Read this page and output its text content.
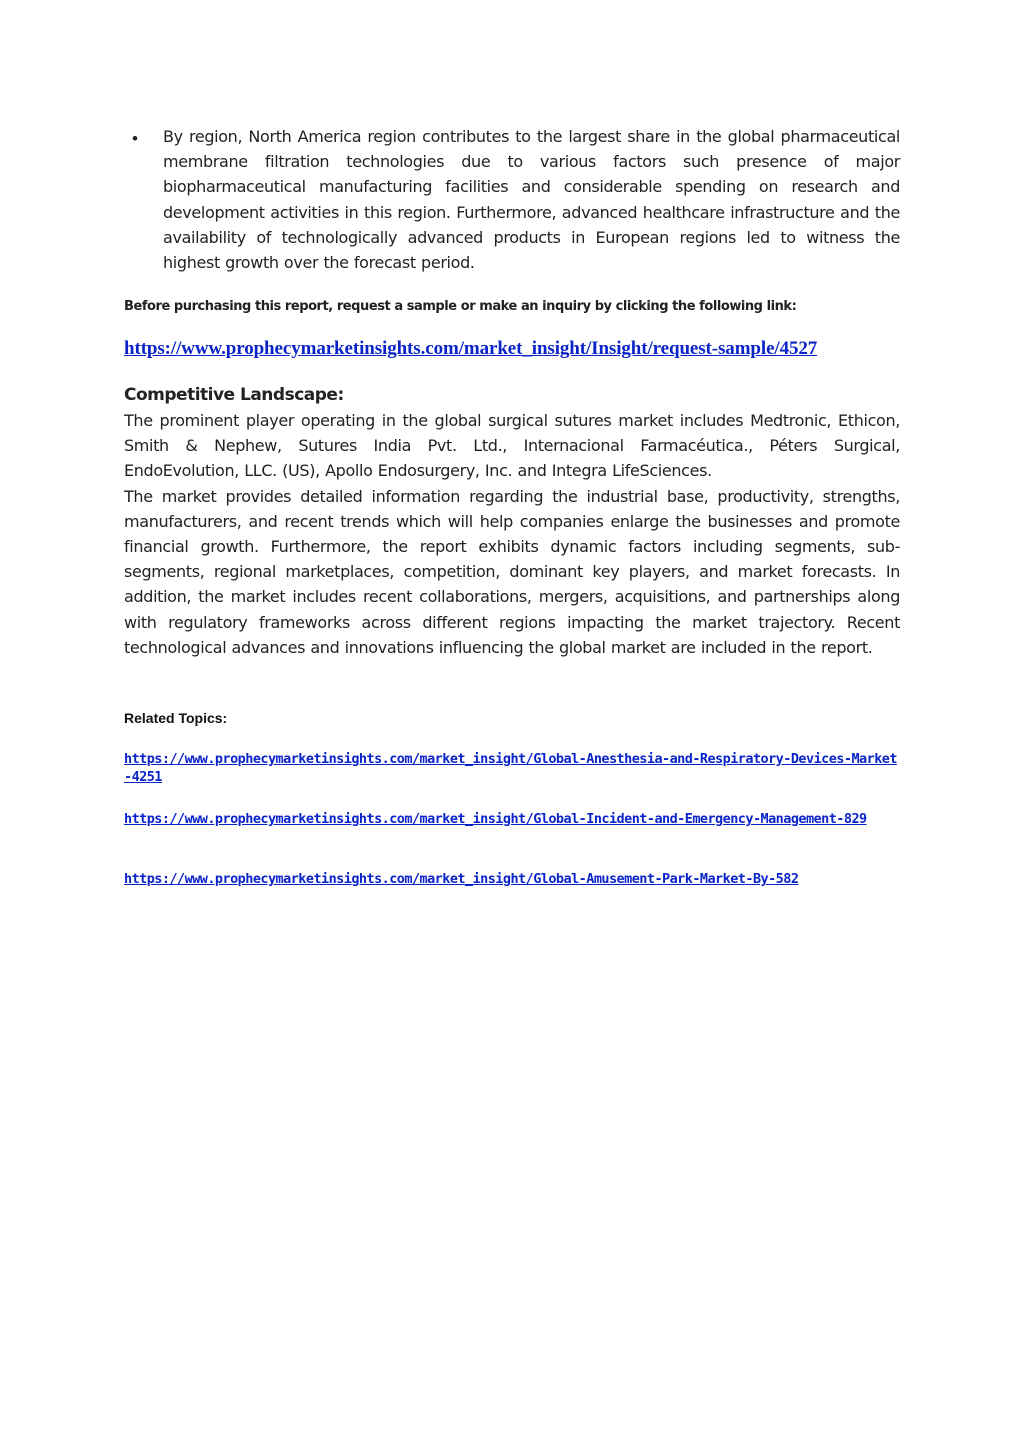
• By region, North America region contributes to the largest share in the global pharmaceutical membrane filtration technologies due to various factors such presence of major biopharmaceutical manufacturing facilities and considerable spending on research and development activities in this region. Furthermore, advanced healthcare infrastructure and the availability of technologically advanced products in European regions led to witness the highest growth over the forecast period.
Before purchasing this report, request a sample or make an inquiry by clicking the following link:
https://www.prophecymarketinsights.com/market_insight/Insight/request-sample/4527
Competitive Landscape:

The prominent player operating in the global surgical sutures market includes Medtronic, Ethicon, Smith & Nephew, Sutures India Pvt. Ltd., Internacional Farmacéutica., Péters Surgical, EndoEvolution, LLC. (US), Apollo Endosurgery, Inc. and Integra LifeSciences.

The market provides detailed information regarding the industrial base, productivity, strengths, manufacturers, and recent trends which will help companies enlarge the businesses and promote financial growth. Furthermore, the report exhibits dynamic factors including segments, sub-segments, regional marketplaces, competition, dominant key players, and market forecasts. In addition, the market includes recent collaborations, mergers, acquisitions, and partnerships along with regulatory frameworks across different regions impacting the market trajectory. Recent technological advances and innovations influencing the global market are included in the report.

Related Topics:
https://www.prophecymarketinsights.com/market_insight/Global-Anesthesia-and-Respiratory-Devices-Market-4251
https://www.prophecymarketinsights.com/market_insight/Global-Incident-and-Emergency-Management-829
https://www.prophecymarketinsights.com/market_insight/Global-Amusement-Park-Market-By-582
